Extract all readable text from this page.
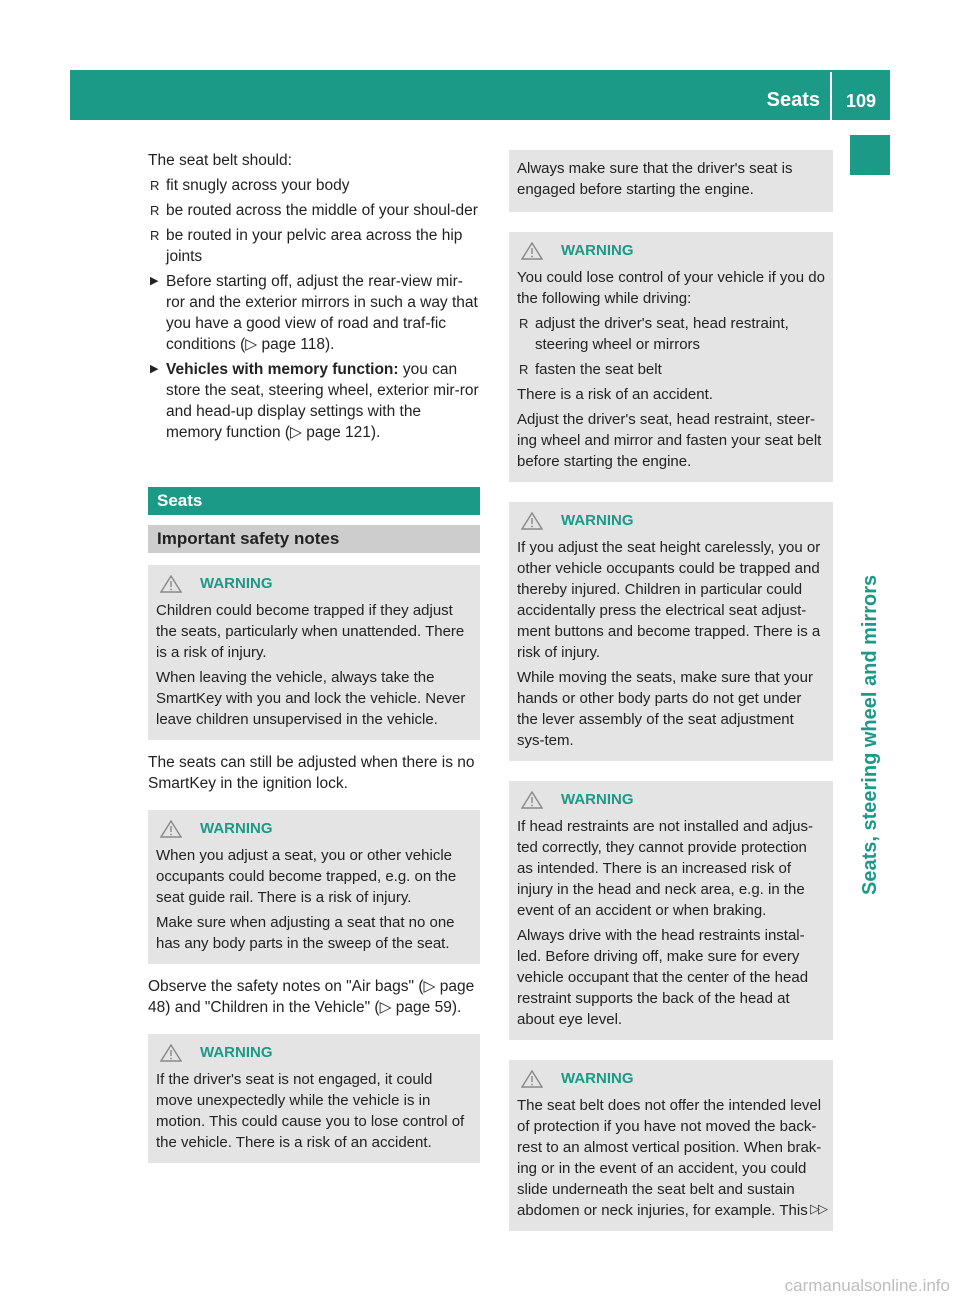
Seats 109
Seats, steering wheel and mirrors

The seat belt should:

R fit snugly across your body
R be routed across the middle of your shoul-der
R be routed in your pelvic area across the hip joints
▶ Before starting off, adjust the rear-view mir-ror and the exterior mirrors in such a way that you have a good view of road and traf-fic conditions (▷ page 118).
▶ Vehicles with memory function: you can store the seat, steering wheel, exterior mir-ror and head-up display settings with the memory function (▷ page 121).
Seats
Important safety notes
WARNING

Children could become trapped if they adjust the seats, particularly when unattended. There is a risk of injury.

When leaving the vehicle, always take the SmartKey with you and lock the vehicle. Never leave children unsupervised in the vehicle.

The seats can still be adjusted when there is no SmartKey in the ignition lock.

WARNING

When you adjust a seat, you or other vehicle occupants could become trapped, e.g. on the seat guide rail. There is a risk of injury.

Make sure when adjusting a seat that no one has any body parts in the sweep of the seat.

Observe the safety notes on "Air bags" (▷ page 48) and "Children in the Vehicle" (▷ page 59).

WARNING

If the driver's seat is not engaged, it could move unexpectedly while the vehicle is in motion. This could cause you to lose control of the vehicle. There is a risk of an accident.

Always make sure that the driver's seat is engaged before starting the engine.

WARNING

You could lose control of your vehicle if you do the following while driving:

R adjust the driver's seat, head restraint, steering wheel or mirrors
R fasten the seat belt

There is a risk of an accident.

Adjust the driver's seat, head restraint, steer-ing wheel and mirror and fasten your seat belt before starting the engine.

WARNING

If you adjust the seat height carelessly, you or other vehicle occupants could be trapped and thereby injured. Children in particular could accidentally press the electrical seat adjust-ment buttons and become trapped. There is a risk of injury.

While moving the seats, make sure that your hands or other body parts do not get under the lever assembly of the seat adjustment sys-tem.

WARNING

If head restraints are not installed and adjus-ted correctly, they cannot provide protection as intended. There is an increased risk of injury in the head and neck area, e.g. in the event of an accident or when braking.

Always drive with the head restraints instal-led. Before driving off, make sure for every vehicle occupant that the center of the head restraint supports the back of the head at about eye level.

WARNING

The seat belt does not offer the intended level of protection if you have not moved the back-rest to an almost vertical position. When brak-ing or in the event of an accident, you could slide underneath the seat belt and sustain abdomen or neck injuries, for example. This ▷▷
carmanualsonline.info
